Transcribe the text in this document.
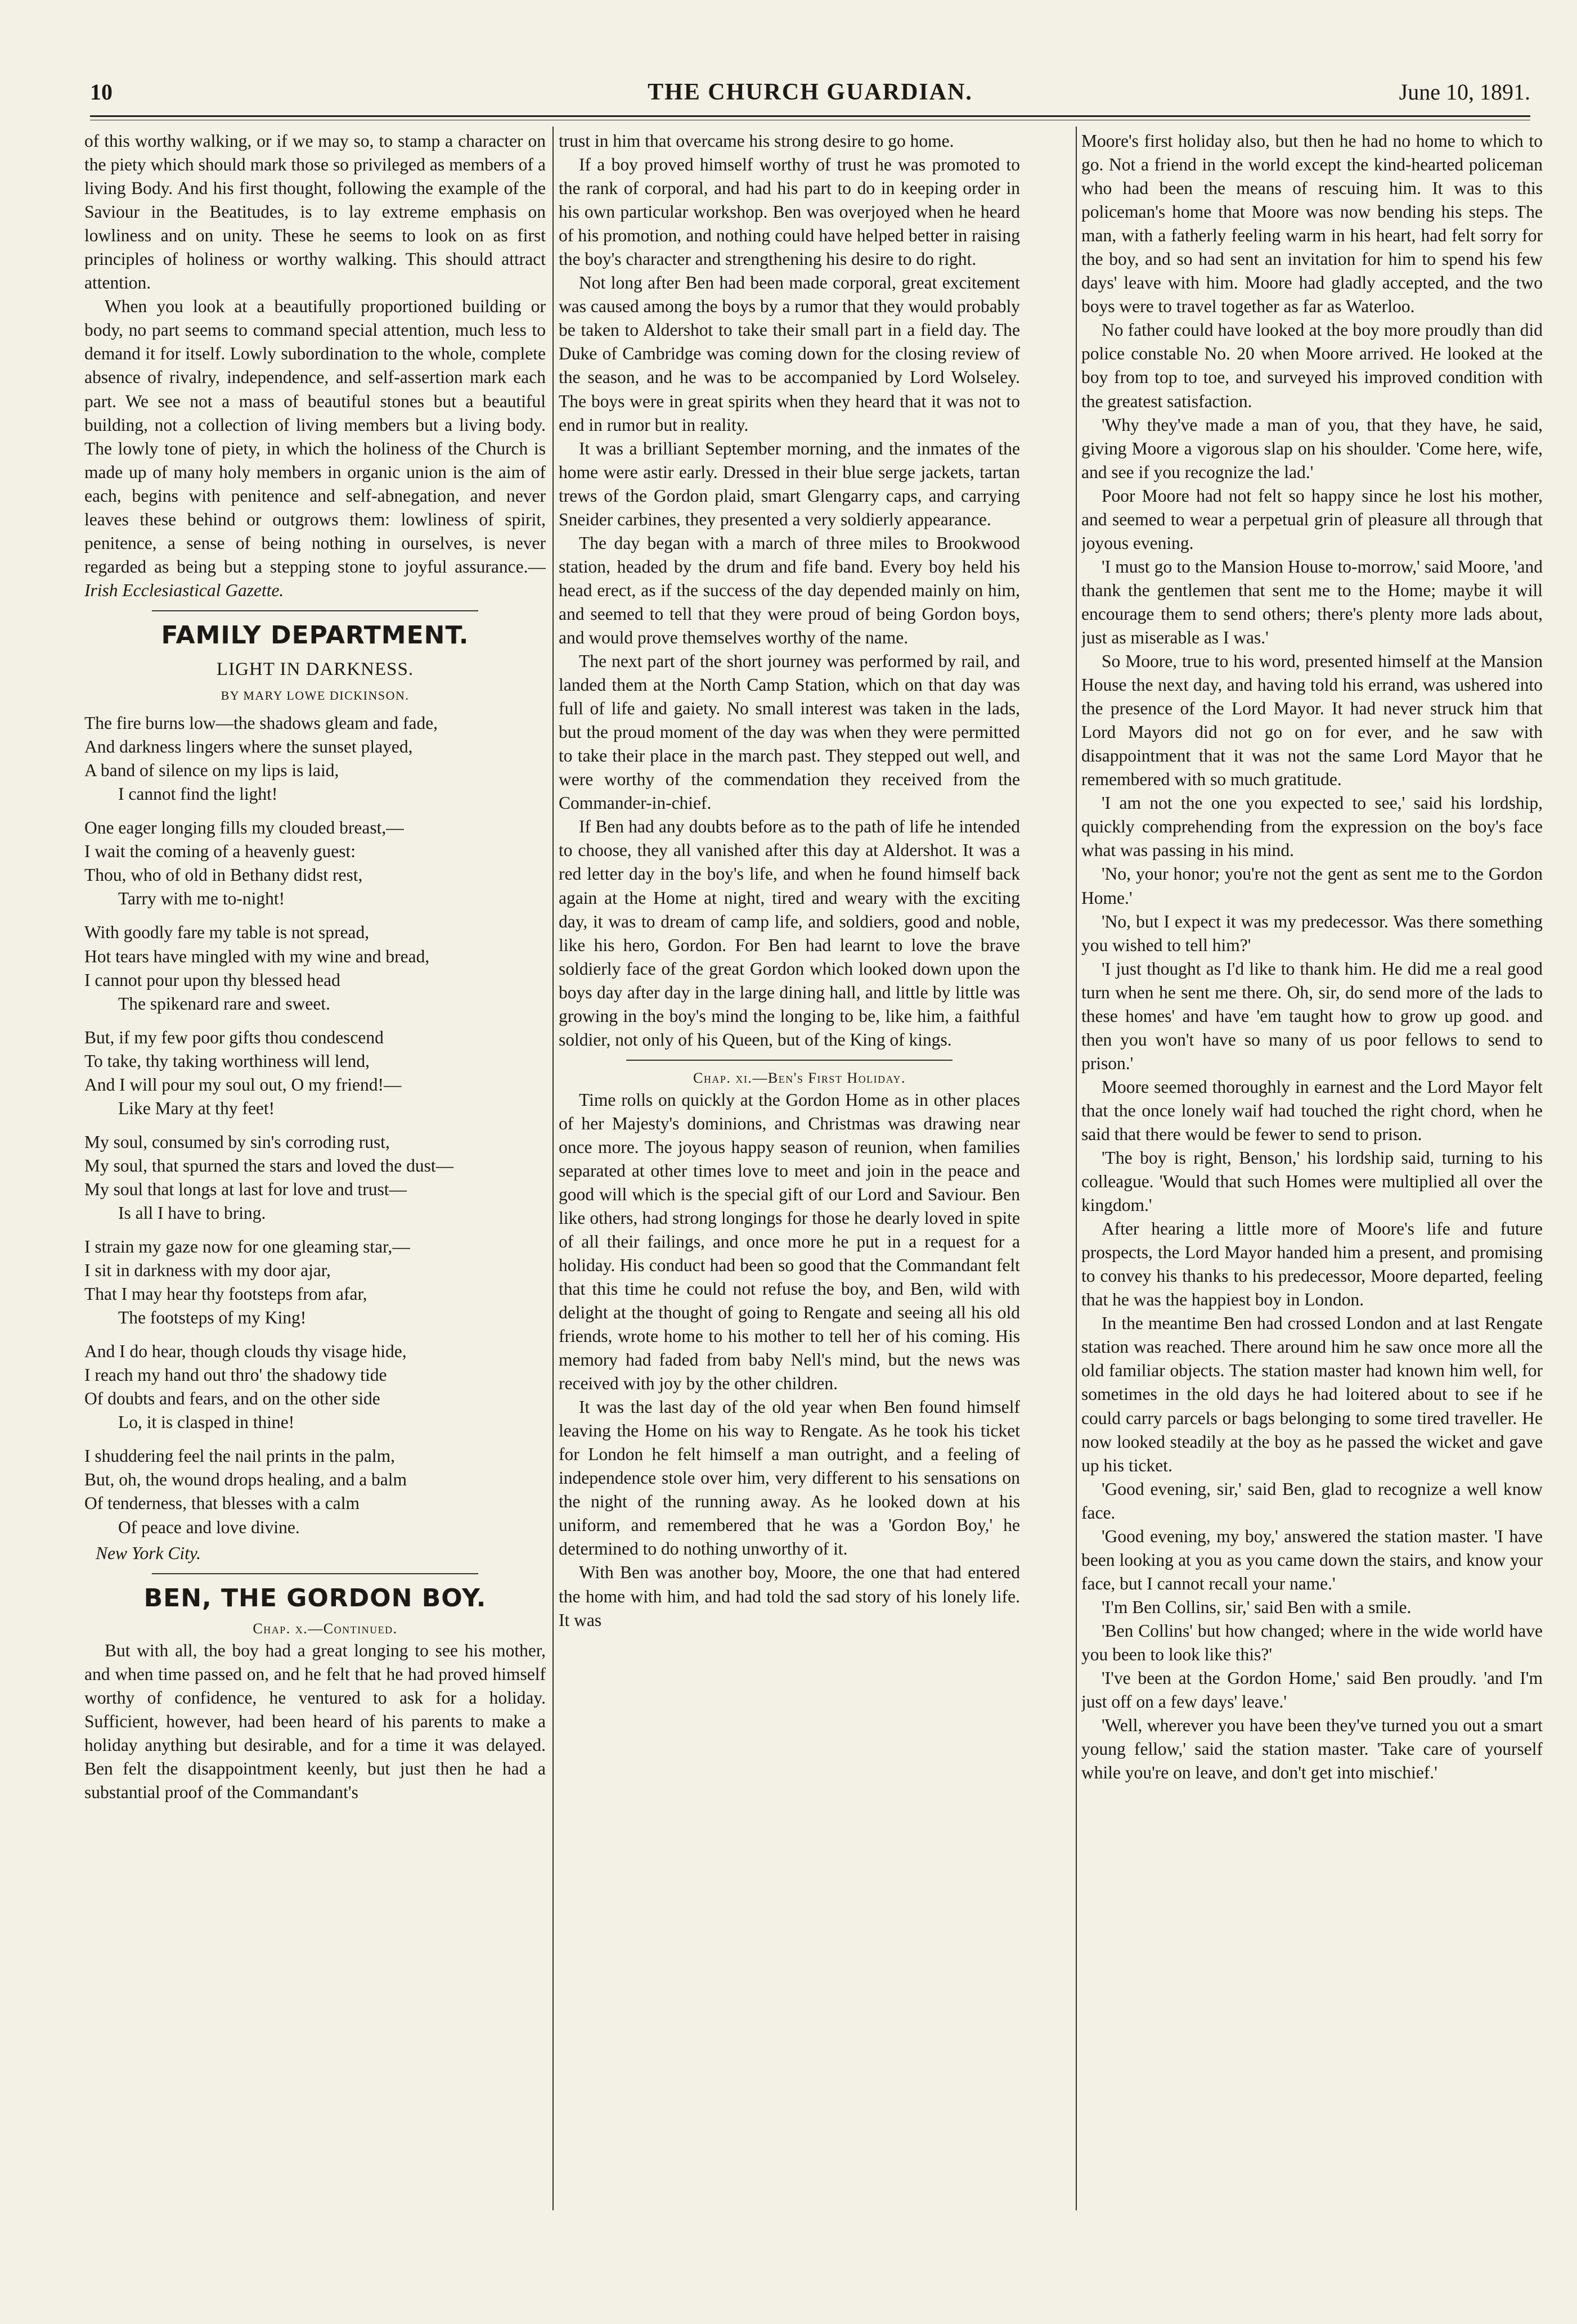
10	THE CHURCH GUARDIAN.	June 10, 1891.

of this worthy walking, or if we may so, to stamp a character on the piety which should mark those so privileged as members of a living Body. And his first thought, following the example of the Saviour in the Beatitudes, is to lay extreme emphasis on lowliness and on unity. These he seems to look on as first principles of holiness or worthy walking. This should attract attention.

When you look at a beautifully proportioned building or body, no part seems to command special attention, much less to demand it for itself. Lowly subordination to the whole, complete absence of rivalry, independence, and self-assertion mark each part. We see not a mass of beautiful stones but a beautiful building, not a collection of living members but a living body. The lowly tone of piety, in which the holiness of the Church is made up of many holy members in organic union is the aim of each, begins with penitence and self-abnegation, and never leaves these behind or outgrows them: lowliness of spirit, penitence, a sense of being nothing in ourselves, is never regarded as being but a stepping stone to joyful assurance.—Irish Ecclesiastical Gazette.

FAMILY DEPARTMENT.
LIGHT IN DARKNESS.
BY MARY LOWE DICKINSON.

The fire burns low—the shadows gleam and fade,

And darkness lingers where the sunset played,

A band of silence on my lips is laid,

I cannot find the light!

One eager longing fills my clouded breast,—

I wait the coming of a heavenly guest:

Thou, who of old in Bethany didst rest,

Tarry with me to-night!

With goodly fare my table is not spread,

Hot tears have mingled with my wine and bread,

I cannot pour upon thy blessed head

The spikenard rare and sweet.

But, if my few poor gifts thou condescend

To take, thy taking worthiness will lend,

And I will pour my soul out, O my friend!—

Like Mary at thy feet!

My soul, consumed by sin's corroding rust,

My soul, that spurned the stars and loved the dust—

My soul that longs at last for love and trust—

Is all I have to bring.

I strain my gaze now for one gleaming star,—

I sit in darkness with my door ajar,

That I may hear thy footsteps from afar,

The footsteps of my King!

And I do hear, though clouds thy visage hide,

I reach my hand out thro' the shadowy tide

Of doubts and fears, and on the other side

Lo, it is clasped in thine!

I shuddering feel the nail prints in the palm,

But, oh, the wound drops healing, and a balm

Of tenderness, that blesses with a calm

Of peace and love divine.

New York City.

BEN, THE GORDON BOY.

Chap. x.—Continued.

But with all, the boy had a great longing to see his mother, and when time passed on, and he felt that he had proved himself worthy of confidence, he ventured to ask for a holiday. Sufficient, however, had been heard of his parents to make a holiday anything but desirable, and for a time it was delayed. Ben felt the disappointment keenly, but just then he had a substantial proof of the Commandant's

trust in him that overcame his strong desire to go home.

If a boy proved himself worthy of trust he was promoted to the rank of corporal, and had his part to do in keeping order in his own particular workshop. Ben was overjoyed when he heard of his promotion, and nothing could have helped better in raising the boy's character and strengthening his desire to do right.

Not long after Ben had been made corporal, great excitement was caused among the boys by a rumor that they would probably be taken to Aldershot to take their small part in a field day. The Duke of Cambridge was coming down for the closing review of the season, and he was to be accompanied by Lord Wolseley. The boys were in great spirits when they heard that it was not to end in rumor but in reality.

It was a brilliant September morning, and the inmates of the home were astir early. Dressed in their blue serge jackets, tartan trews of the Gordon plaid, smart Glengarry caps, and carrying Sneider carbines, they presented a very soldierly appearance.

The day began with a march of three miles to Brookwood station, headed by the drum and fife band. Every boy held his head erect, as if the success of the day depended mainly on him, and seemed to tell that they were proud of being Gordon boys, and would prove themselves worthy of the name.

The next part of the short journey was performed by rail, and landed them at the North Camp Station, which on that day was full of life and gaiety. No small interest was taken in the lads, but the proud moment of the day was when they were permitted to take their place in the march past. They stepped out well, and were worthy of the commendation they received from the Commander-in-chief.

If Ben had any doubts before as to the path of life he intended to choose, they all vanished after this day at Aldershot. It was a red letter day in the boy's life, and when he found himself back again at the Home at night, tired and weary with the exciting day, it was to dream of camp life, and soldiers, good and noble, like his hero, Gordon. For Ben had learnt to love the brave soldierly face of the great Gordon which looked down upon the boys day after day in the large dining hall, and little by little was growing in the boy's mind the longing to be, like him, a faithful soldier, not only of his Queen, but of the King of kings.

Chap. xi.—Ben's First Holiday.

Time rolls on quickly at the Gordon Home as in other places of her Majesty's dominions, and Christmas was drawing near once more. The joyous happy season of reunion, when families separated at other times love to meet and join in the peace and good will which is the special gift of our Lord and Saviour. Ben like others, had strong longings for those he dearly loved in spite of all their failings, and once more he put in a request for a holiday. His conduct had been so good that the Commandant felt that this time he could not refuse the boy, and Ben, wild with delight at the thought of going to Rengate and seeing all his old friends, wrote home to his mother to tell her of his coming. His memory had faded from baby Nell's mind, but the news was received with joy by the other children.

It was the last day of the old year when Ben found himself leaving the Home on his way to Rengate. As he took his ticket for London he felt himself a man outright, and a feeling of independence stole over him, very different to his sensations on the night of the running away. As he looked down at his uniform, and remembered that he was a 'Gordon Boy,' he determined to do nothing unworthy of it.

With Ben was another boy, Moore, the one that had entered the home with him, and had told the sad story of his lonely life. It was

Moore's first holiday also, but then he had no home to which to go. Not a friend in the world except the kind-hearted policeman who had been the means of rescuing him. It was to this policeman's home that Moore was now bending his steps. The man, with a fatherly feeling warm in his heart, had felt sorry for the boy, and so had sent an invitation for him to spend his few days' leave with him. Moore had gladly accepted, and the two boys were to travel together as far as Waterloo.

No father could have looked at the boy more proudly than did police constable No. 20 when Moore arrived. He looked at the boy from top to toe, and surveyed his improved condition with the greatest satisfaction.

'Why they've made a man of you, that they have, he said, giving Moore a vigorous slap on his shoulder. 'Come here, wife, and see if you recognize the lad.'

Poor Moore had not felt so happy since he lost his mother, and seemed to wear a perpetual grin of pleasure all through that joyous evening.

'I must go to the Mansion House to-morrow,' said Moore, 'and thank the gentlemen that sent me to the Home; maybe it will encourage them to send others; there's plenty more lads about, just as miserable as I was.'

So Moore, true to his word, presented himself at the Mansion House the next day, and having told his errand, was ushered into the presence of the Lord Mayor. It had never struck him that Lord Mayors did not go on for ever, and he saw with disappointment that it was not the same Lord Mayor that he remembered with so much gratitude.

'I am not the one you expected to see,' said his lordship, quickly comprehending from the expression on the boy's face what was passing in his mind.

'No, your honor; you're not the gent as sent me to the Gordon Home.'

'No, but I expect it was my predecessor. Was there something you wished to tell him?'

'I just thought as I'd like to thank him. He did me a real good turn when he sent me there. Oh, sir, do send more of the lads to these homes' and have 'em taught how to grow up good. and then you won't have so many of us poor fellows to send to prison.'

Moore seemed thoroughly in earnest and the Lord Mayor felt that the once lonely waif had touched the right chord, when he said that there would be fewer to send to prison.

'The boy is right, Benson,' his lordship said, turning to his colleague. 'Would that such Homes were multiplied all over the kingdom.'

After hearing a little more of Moore's life and future prospects, the Lord Mayor handed him a present, and promising to convey his thanks to his predecessor, Moore departed, feeling that he was the happiest boy in London.

In the meantime Ben had crossed London and at last Rengate station was reached. There around him he saw once more all the old familiar objects. The station master had known him well, for sometimes in the old days he had loitered about to see if he could carry parcels or bags belonging to some tired traveller. He now looked steadily at the boy as he passed the wicket and gave up his ticket.

'Good evening, sir,' said Ben, glad to recognize a well know face.

'Good evening, my boy,' answered the station master. 'I have been looking at you as you came down the stairs, and know your face, but I cannot recall your name.'

'I'm Ben Collins, sir,' said Ben with a smile.

'Ben Collins' but how changed; where in the wide world have you been to look like this?'

'I've been at the Gordon Home,' said Ben proudly. 'and I'm just off on a few days' leave.'

'Well, wherever you have been they've turned you out a smart young fellow,' said the station master. 'Take care of yourself while you're on leave, and don't get into mischief.'
